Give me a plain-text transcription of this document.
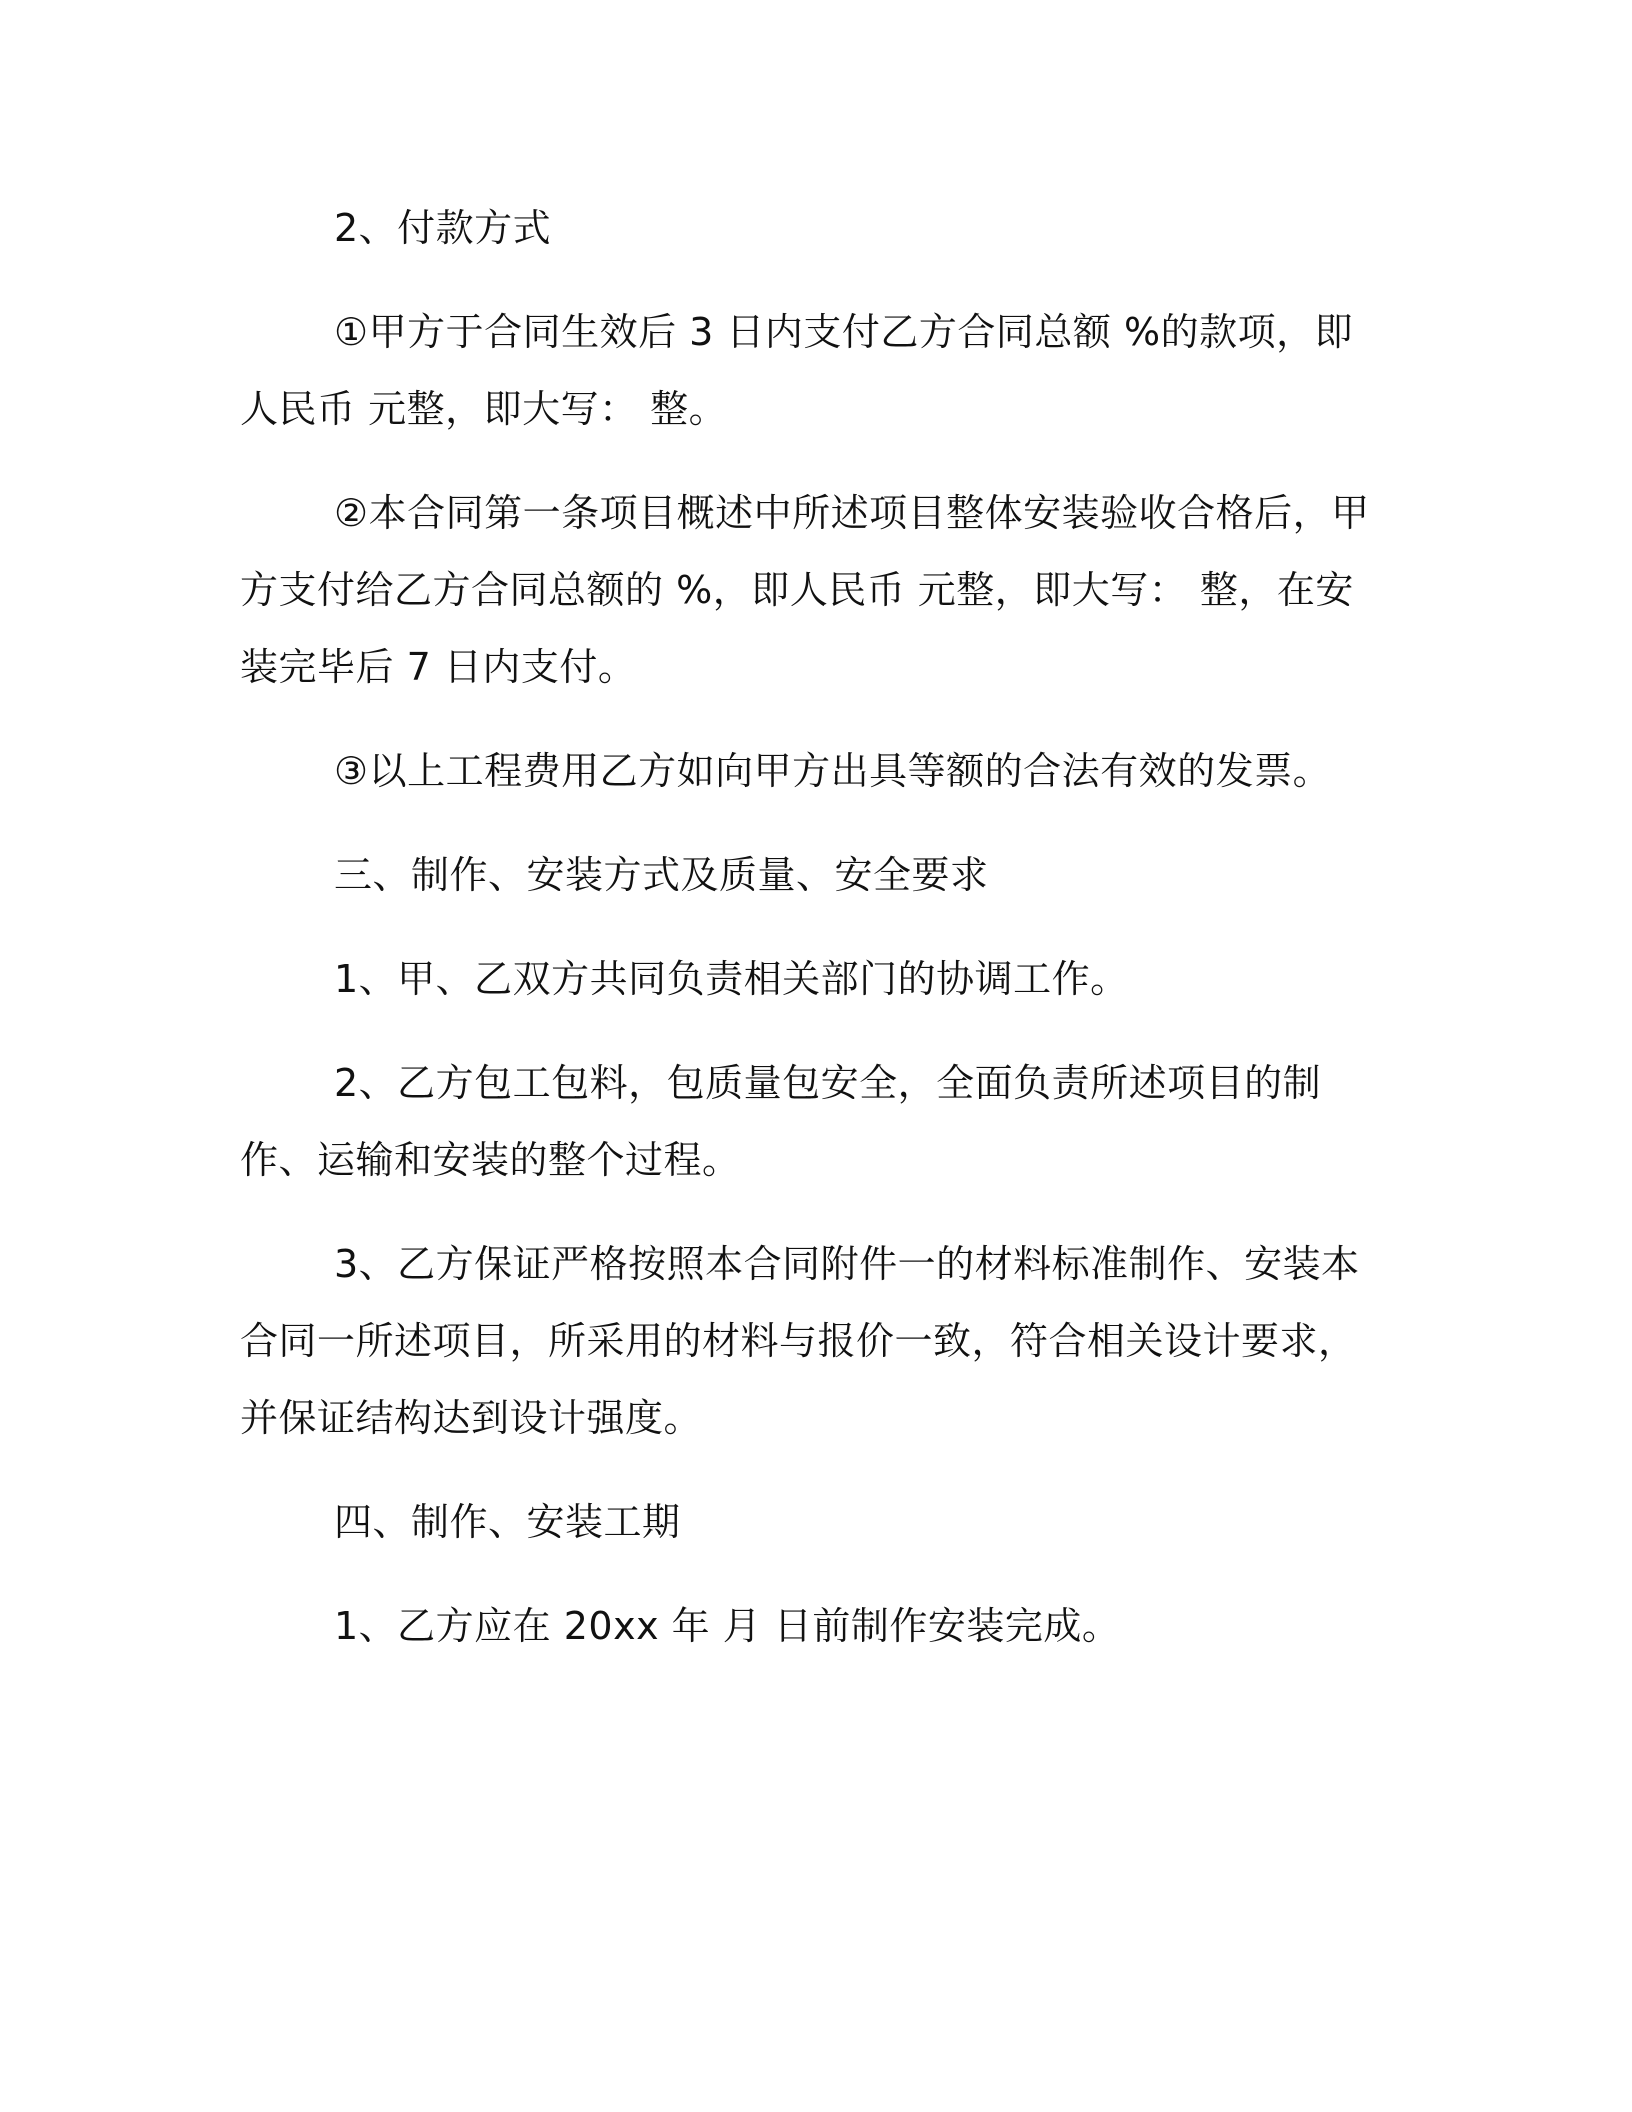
2、付款方式

①甲方于合同生效后 3 日内支付乙方合同总额 %的款项，即人民币 元整，即大写： 整。

②本合同第一条项目概述中所述项目整体安装验收合格后，甲方支付给乙方合同总额的 %，即人民币 元整，即大写： 整，在安装完毕后 7 日内支付。

③以上工程费用乙方如向甲方出具等额的合法有效的发票。

三、制作、安装方式及质量、安全要求

1、甲、乙双方共同负责相关部门的协调工作。

2、乙方包工包料，包质量包安全，全面负责所述项目的制作、运输和安装的整个过程。

3、乙方保证严格按照本合同附件一的材料标准制作、安装本合同一所述项目，所采用的材料与报价一致，符合相关设计要求，并保证结构达到设计强度。

四、制作、安装工期

1、乙方应在 20xx 年 月 日前制作安装完成。
